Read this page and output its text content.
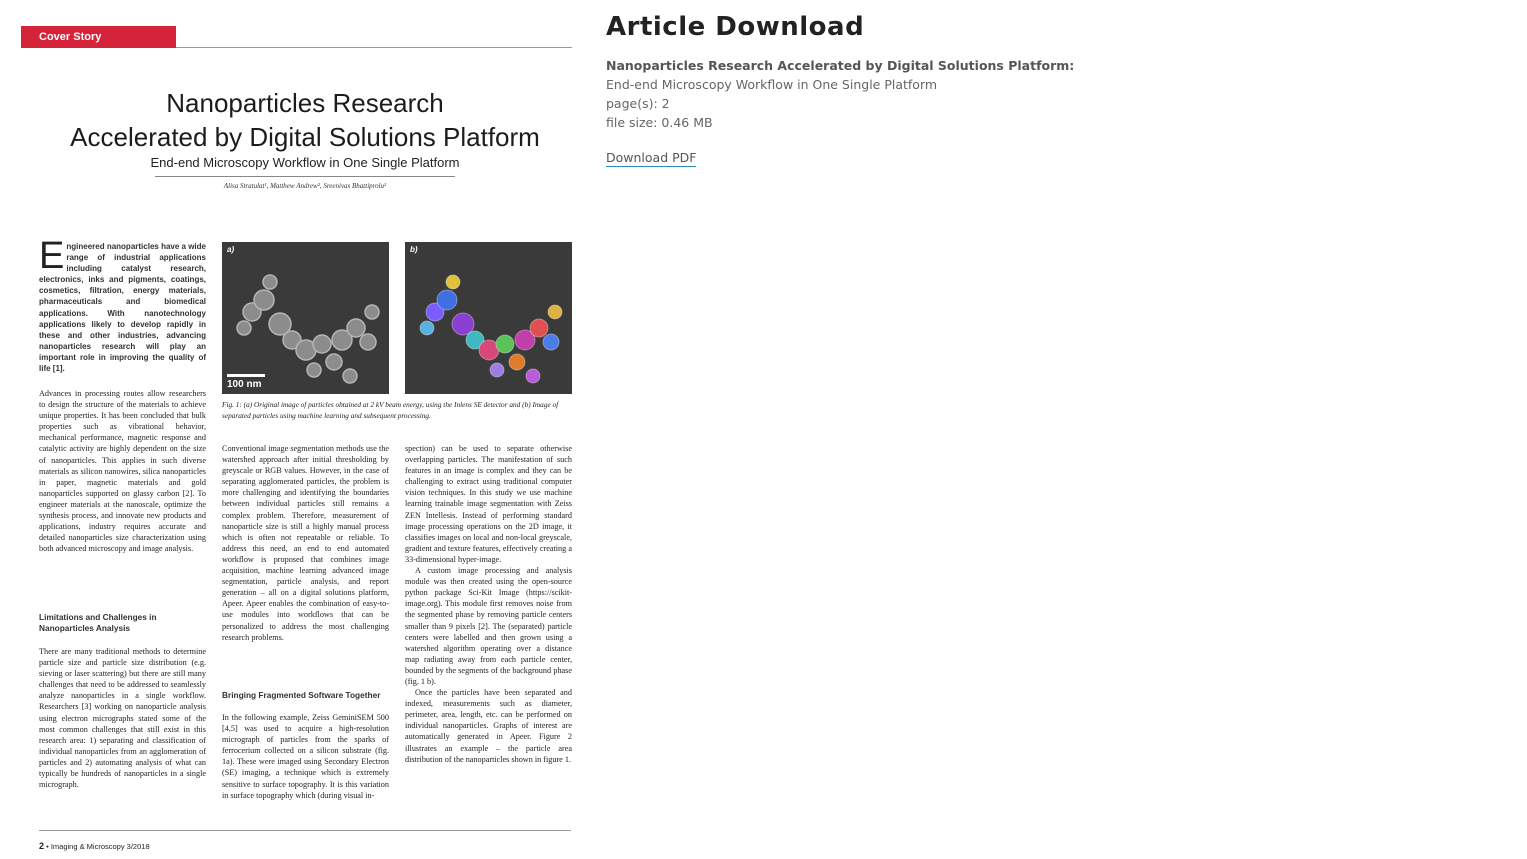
Cover Story
Nanoparticles Research
Accelerated by Digital Solutions Platform
End-end Microscopy Workflow in One Single Platform
Alisa Stratulat¹, Matthew Andrew², Sreenivas Bhattiprolu²
E ngineered nanoparticles have a wide range of industrial applications including catalyst research, electronics, inks and pigments, coatings, cosmetics, filtration, energy materials, pharmaceuticals and biomedical applications. With nanotechnology applications likely to develop rapidly in these and other industries, advancing nanoparticles research will play an important role in improving the quality of life [1].
Advances in processing routes allow researchers to design the structure of the materials to achieve unique properties. It has been concluded that bulk properties such as vibrational behavior, mechanical performance, magnetic response and catalytic activity are highly dependent on the size of nanoparticles. This applies in such diverse materials as silicon nanowires, silica nanoparticles in paper, magnetic materials and gold nanoparticles supported on glassy carbon [2]. To engineer materials at the nanoscale, optimize the synthesis process, and innovate new products and applications, industry requires accurate and detailed nanoparticles size characterization using both advanced microscopy and image analysis.
Limitations and Challenges in Nanoparticles Analysis
There are many traditional methods to determine particle size and particle size distribution (e.g. sieving or laser scattering) but there are still many challenges that need to be addressed to seamlessly analyze nanoparticles in a single workflow. Researchers [3] working on nanoparticle analysis using electron micrographs stated some of the most common challenges that still exist in this research area: 1) separating and classification of individual nanoparticles from an agglomeration of particles and 2) automating analysis of what can typically be hundreds of nanoparticles in a single micrograph.
a)
100 nm
b)
Fig. 1: (a) Original image of particles obtained at 2 kV beam energy, using the Inlens SE detector and (b) Image of separated particles using machine learning and subsequent processing.
Conventional image segmentation methods use the watershed approach after initial thresholding by greyscale or RGB values. However, in the case of separating agglomerated particles, the problem is more challenging and identifying the boundaries between individual particles still remains a complex problem. Therefore, measurement of nanoparticle size is still a highly manual process which is often not repeatable or reliable. To address this need, an end to end automated workflow is proposed that combines image acquisition, machine learning advanced image segmentation, particle analysis, and report generation – all on a digital solutions platform, Apeer. Apeer enables the combination of easy-to-use modules into workflows that can be personalized to address the most challenging research problems.
Bringing Fragmented Software Together
In the following example, Zeiss GeminiSEM 500 [4,5] was used to acquire a high-resolution micrograph of particles from the sparks of ferrocerium collected on a silicon substrate (fig. 1a). These were imaged using Secondary Electron (SE) imaging, a technique which is extremely sensitive to surface topography. It is this variation in surface topography which (during visual in-
spection) can be used to separate otherwise overlapping particles. The manifestation of such features in an image is complex and they can be challenging to extract using traditional computer vision techniques. In this study we use machine learning trainable image segmentation with Zeiss ZEN Intellesis. Instead of performing standard image processing operations on the 2D image, it classifies images on local and non-local greyscale, gradient and texture features, effectively creating a 33-dimensional hyper-image.
A custom image processing and analysis module was then created using the open-source python package Sci-Kit Image (https://scikit-image.org). This module first removes noise from the segmented phase by removing particle centers smaller than 9 pixels [2]. The (separated) particle centers were labelled and then grown using a watershed algorithm operating over a distance map radiating away from each particle center, bounded by the segments of the background phase (fig. 1 b).
Once the particles have been separated and indexed, measurements such as diameter, perimeter, area, length, etc. can be performed on individual nanoparticles. Graphs of interest are automatically generated in Apeer. Figure 2 illustrates an example – the particle area distribution of the nanoparticles shown in figure 1.
2 • Imaging & Microscopy 3/2018
Article Download
Nanoparticles Research Accelerated by Digital Solutions Platform:
End-end Microscopy Workflow in One Single Platform
page(s): 2
file size: 0.46 MB
Download PDF
